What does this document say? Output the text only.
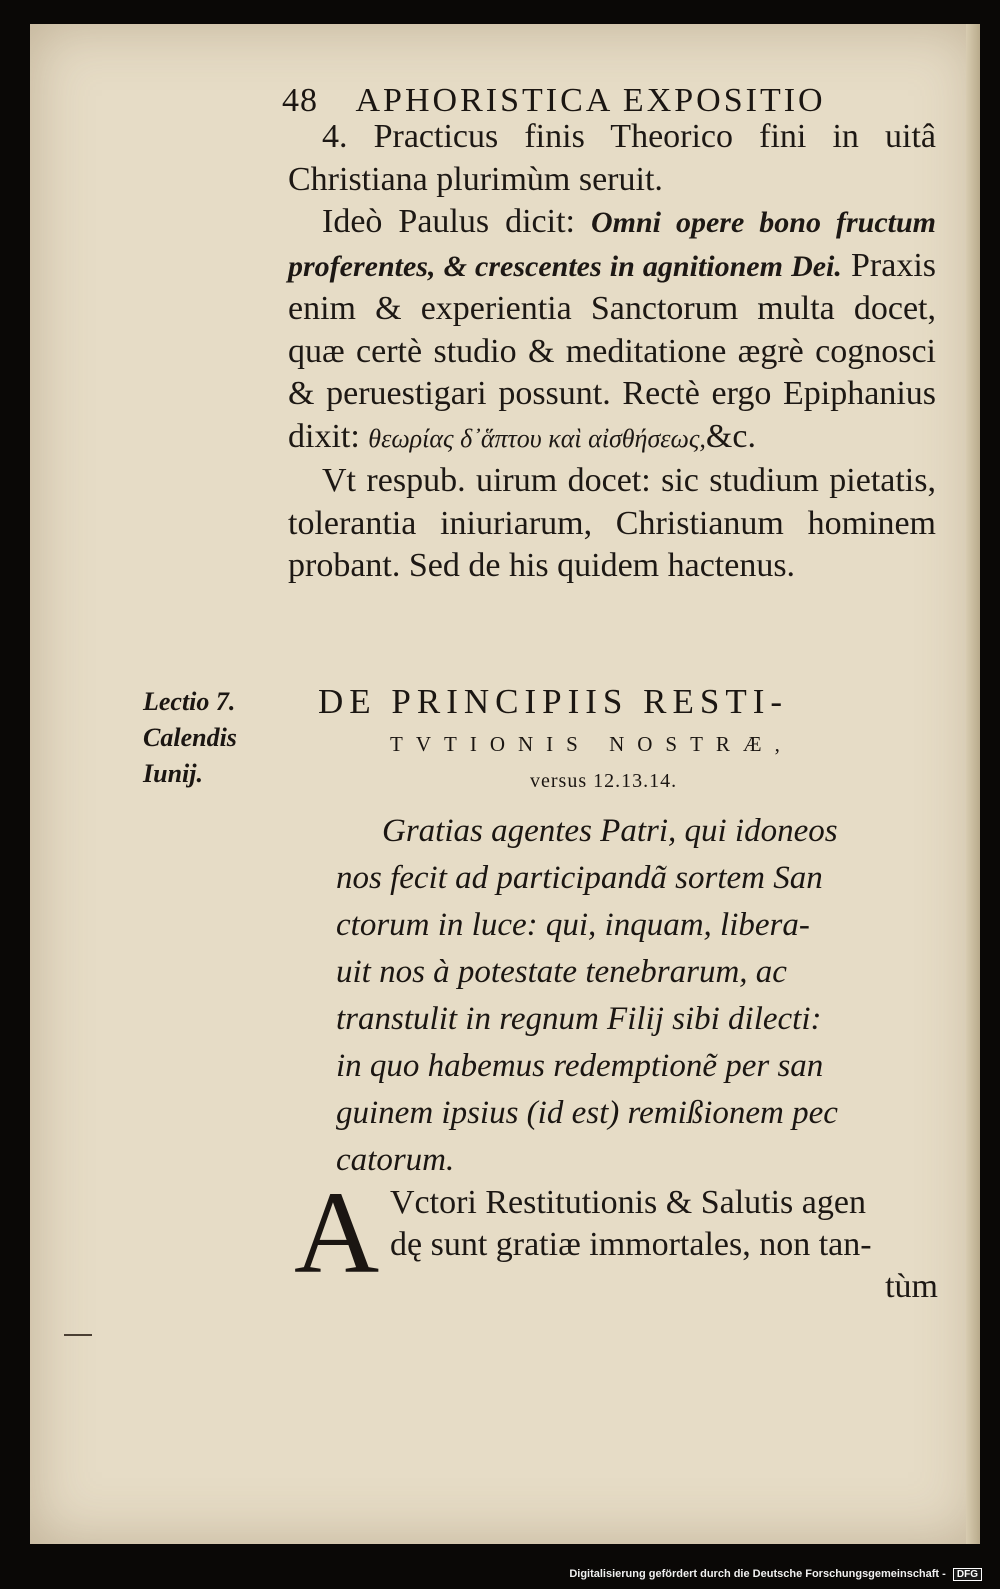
48 APHORISTICA EXPOSITIO

4. Practicus finis Theorico fini in uitâ Christiana plurimùm seruit.

Ideò Paulus dicit: Omni opere bono fructum proferentes, & crescentes in agnitionem Dei. Praxis enim & experientia Sanctorum multa docet, quæ certè studio & meditatione ægrè cognosci & peruestigari possunt. Rectè ergo Epiphanius dixit: θεωρίας δ᾽ἅπτου καὶ αἰσθήσεως,&c.

Vt respub. uirum docet: sic studium pietatis, tolerantia iniuriarum, Christianum hominem probant. Sed de his quidem hactenus.

Lectio 7.
Calendis
Iunij.
DE PRINCIPIIS RESTI-
TVTIONIS NOSTRÆ,
versus 12.13.14.
Gratias agentes Patri, qui idoneos
nos fecit ad participandã sortem San
ctorum in luce: qui, inquam, libera-
uit nos à potestate tenebrarum, ac
transtulit in regnum Filij sibi dilecti:
in quo habemus redemptionẽ per san
guinem ipsius (id est) remißionem pec
catorum.
A Vctori Restitutionis & Salutis agen
dę sunt gratiæ immortales, non tan-
tùm
Digitalisierung gefördert durch die Deutsche Forschungsgemeinschaft - DFG
